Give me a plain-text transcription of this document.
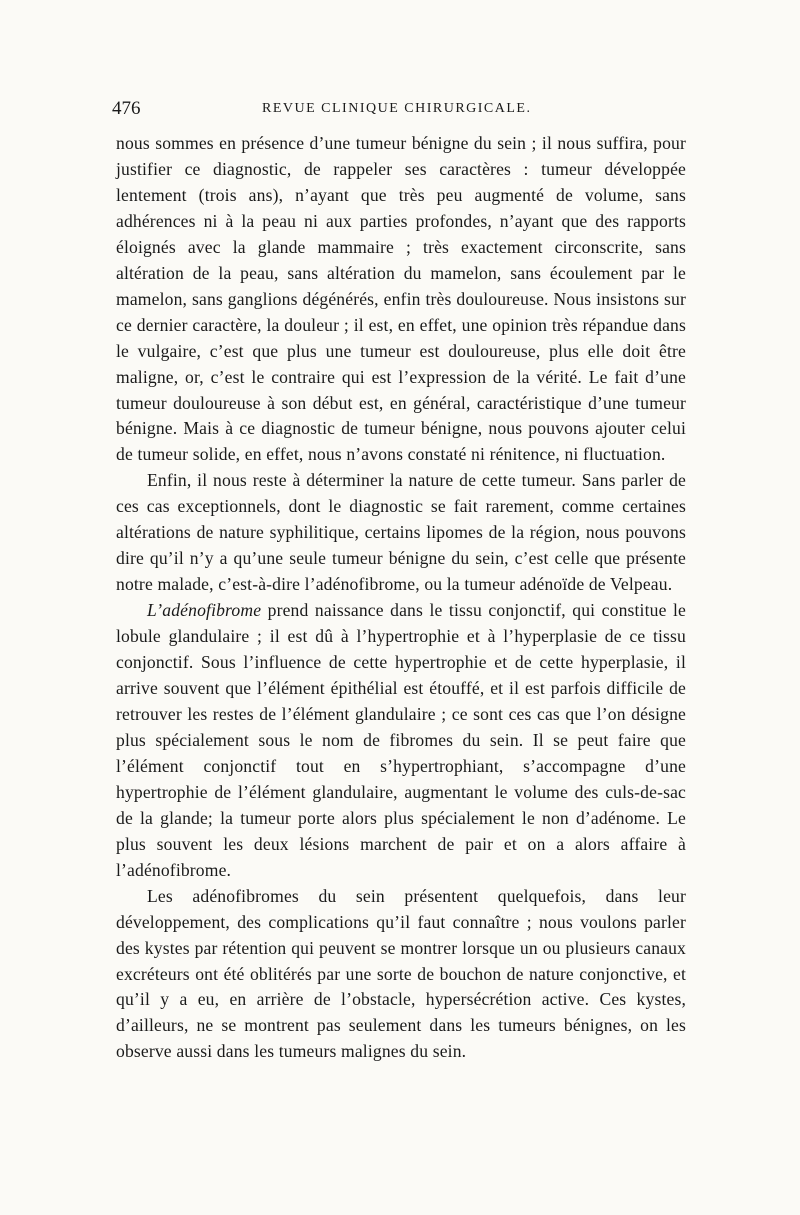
476	REVUE CLINIQUE CHIRURGICALE.

nous sommes en présence d’une tumeur bénigne du sein ; il nous suffira, pour justifier ce diagnostic, de rappeler ses caractères : tumeur développée lentement (trois ans), n’ayant que très peu augmenté de volume, sans adhérences ni à la peau ni aux parties profondes, n’ayant que des rapports éloignés avec la glande mammaire ; très exactement circonscrite, sans altération de la peau, sans altération du mamelon, sans écoulement par le mamelon, sans ganglions dégénérés, enfin très douloureuse. Nous insistons sur ce dernier caractère, la douleur ; il est, en effet, une opinion très répandue dans le vulgaire, c’est que plus une tumeur est douloureuse, plus elle doit être maligne, or, c’est le contraire qui est l’expression de la vérité. Le fait d’une tumeur douloureuse à son début est, en général, caractéristique d’une tumeur bénigne. Mais à ce diagnostic de tumeur bénigne, nous pouvons ajouter celui de tumeur solide, en effet, nous n’avons constaté ni rénitence, ni fluctuation.

Enfin, il nous reste à déterminer la nature de cette tumeur. Sans parler de ces cas exceptionnels, dont le diagnostic se fait rarement, comme certaines altérations de nature syphilitique, certains lipomes de la région, nous pouvons dire qu’il n’y a qu’une seule tumeur bénigne du sein, c’est celle que présente notre malade, c’est-à-dire l’adénofibrome, ou la tumeur adénoïde de Velpeau.

L’adénofibrome prend naissance dans le tissu conjonctif, qui constitue le lobule glandulaire ; il est dû à l’hypertrophie et à l’hyperplasie de ce tissu conjonctif. Sous l’influence de cette hypertrophie et de cette hyperplasie, il arrive souvent que l’élément épithélial est étouffé, et il est parfois difficile de retrouver les restes de l’élément glandulaire ; ce sont ces cas que l’on désigne plus spécialement sous le nom de fibromes du sein. Il se peut faire que l’élément conjonctif tout en s’hypertrophiant, s’accompagne d’une hypertrophie de l’élément glandulaire, augmentant le volume des culs-de-sac de la glande; la tumeur porte alors plus spécialement le non d’adénome. Le plus souvent les deux lésions marchent de pair et on a alors affaire à l’adénofibrome.

Les adénofibromes du sein présentent quelquefois, dans leur développement, des complications qu’il faut connaître ; nous voulons parler des kystes par rétention qui peuvent se montrer lorsque un ou plusieurs canaux excréteurs ont été oblitérés par une sorte de bouchon de nature conjonctive, et qu’il y a eu, en arrière de l’obstacle, hypersécrétion active. Ces kystes, d’ailleurs, ne se montrent pas seulement dans les tumeurs bénignes, on les observe aussi dans les tumeurs malignes du sein.
